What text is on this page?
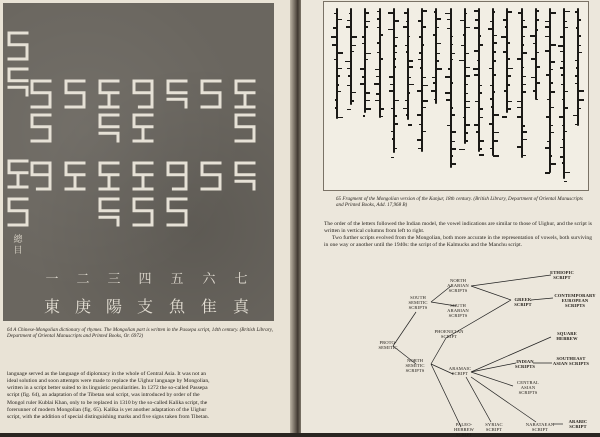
總目
七
真
六
隹
五
魚
四
支
三
陽
二
庚
一
東
64 A Chinese-Mongolian dictionary of rhymes. The Mongolian part is written in the Passepa script, 14th century. (British Library, Department of Oriental Manuscripts and Printed Books, Or. 6972)

language served as the language of diplomacy in the whole of Central Asia. It was not an

ideal solution and soon attempts were made to replace the Uighur language by Mongolian,

written in a script better suited to its linguistic peculiarities. In 1272 the so-called Passepa

script (fig. 64), an adaptation of the Tibetan seal script, was introduced by order of the

Mongol ruler Kublai Khan, only to be replaced in 1310 by the so-called Kalika script, the

forerunner of modern Mongolian (fig. 65). Kalika is yet another adaptation of the Uighur

script, with the addition of special distinguishing marks and five signs taken from Tibetan.

65 Fragment of the Mongolian version of the Kanjur, 18th century. (British Library, Department of Oriental Manuscripts and Printed Books, Add. 17,968 B)

The order of the letters followed the Indian model, the vowel indications are similar to those of Uighur, and the script is written in vertical columns from left to right.

Two further scripts evolved from the Mongolian, both more accurate in the representation of vowels, both surviving in one way or another until the 1940s: the script of the Kalmucks and the Manchu script.

PROTO-SEMITIC
SOUTH SEMITIC SCRIPTS
NORTH ARABIAN SCRIPTS
SOUTH ARABIAN SCRIPTS
ETHIOPIC SCRIPT
GREEK SCRIPT
CONTEMPORARY EUROPEAN SCRIPTS
PHOENICIAN SCRIPT
NORTH SEMITIC SCRIPTS	ARAMAIC SCRIPT
SQUARE HEBREW
INDIAN SCRIPTS
SOUTHEAST ASIAN SCRIPTS
CENTRAL ASIAN SCRIPTS
PALEO-HEBREW SCRIPT
SYRIAC SCRIPT
NABATAEAN SCRIPT
ARABIC SCRIPT
